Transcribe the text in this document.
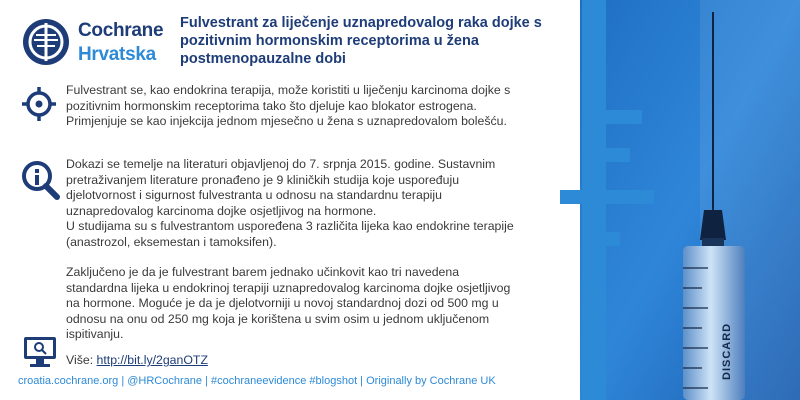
Cochrane
Hrvatska
Fulvestrant za liječenje uznapredovalog raka dojke s pozitivnim hormonskim receptorima u žena postmenopauzalne dobi
Fulvestrant se, kao endokrina terapija, može koristiti u liječenju karcinoma dojke s pozitivnim hormonskim receptorima tako što djeluje kao blokator estrogena. Primjenjuje se kao injekcija jednom mjesečno u žena s uznapredovalom bolešću.
Dokazi se temelje na literaturi objavljenoj do 7. srpnja 2015. godine. Sustavnim pretraživanjem literature pronađeno je 9 kliničkih studija koje uspoređuju djelotvornost i sigurnost fulvestranta u odnosu na standardnu terapiju uznapredovalog karcinoma dojke osjetljivog na hormone.
U studijama su s fulvestrantom uspoređena 3 različita lijeka kao endokrine terapije (anastrozol, eksemestan i tamoksifen).
Zaključeno je da je fulvestrant barem jednako učinkovit kao tri navedena standardna lijeka u endokrinoj terapiji uznapredovalog karcinoma dojke osjetljivog na hormone. Moguće je da je djelotvorniji u novoj standardnoj dozi od 500 mg u odnosu na onu od 250 mg koja je korištena u svim osim u jednom uključenom ispitivanju.
Više: http://bit.ly/2ganOTZ
croatia.cochrane.org | @HRCochrane | #cochraneevidence #blogshot | Originally by Cochrane UK
DISCARD
